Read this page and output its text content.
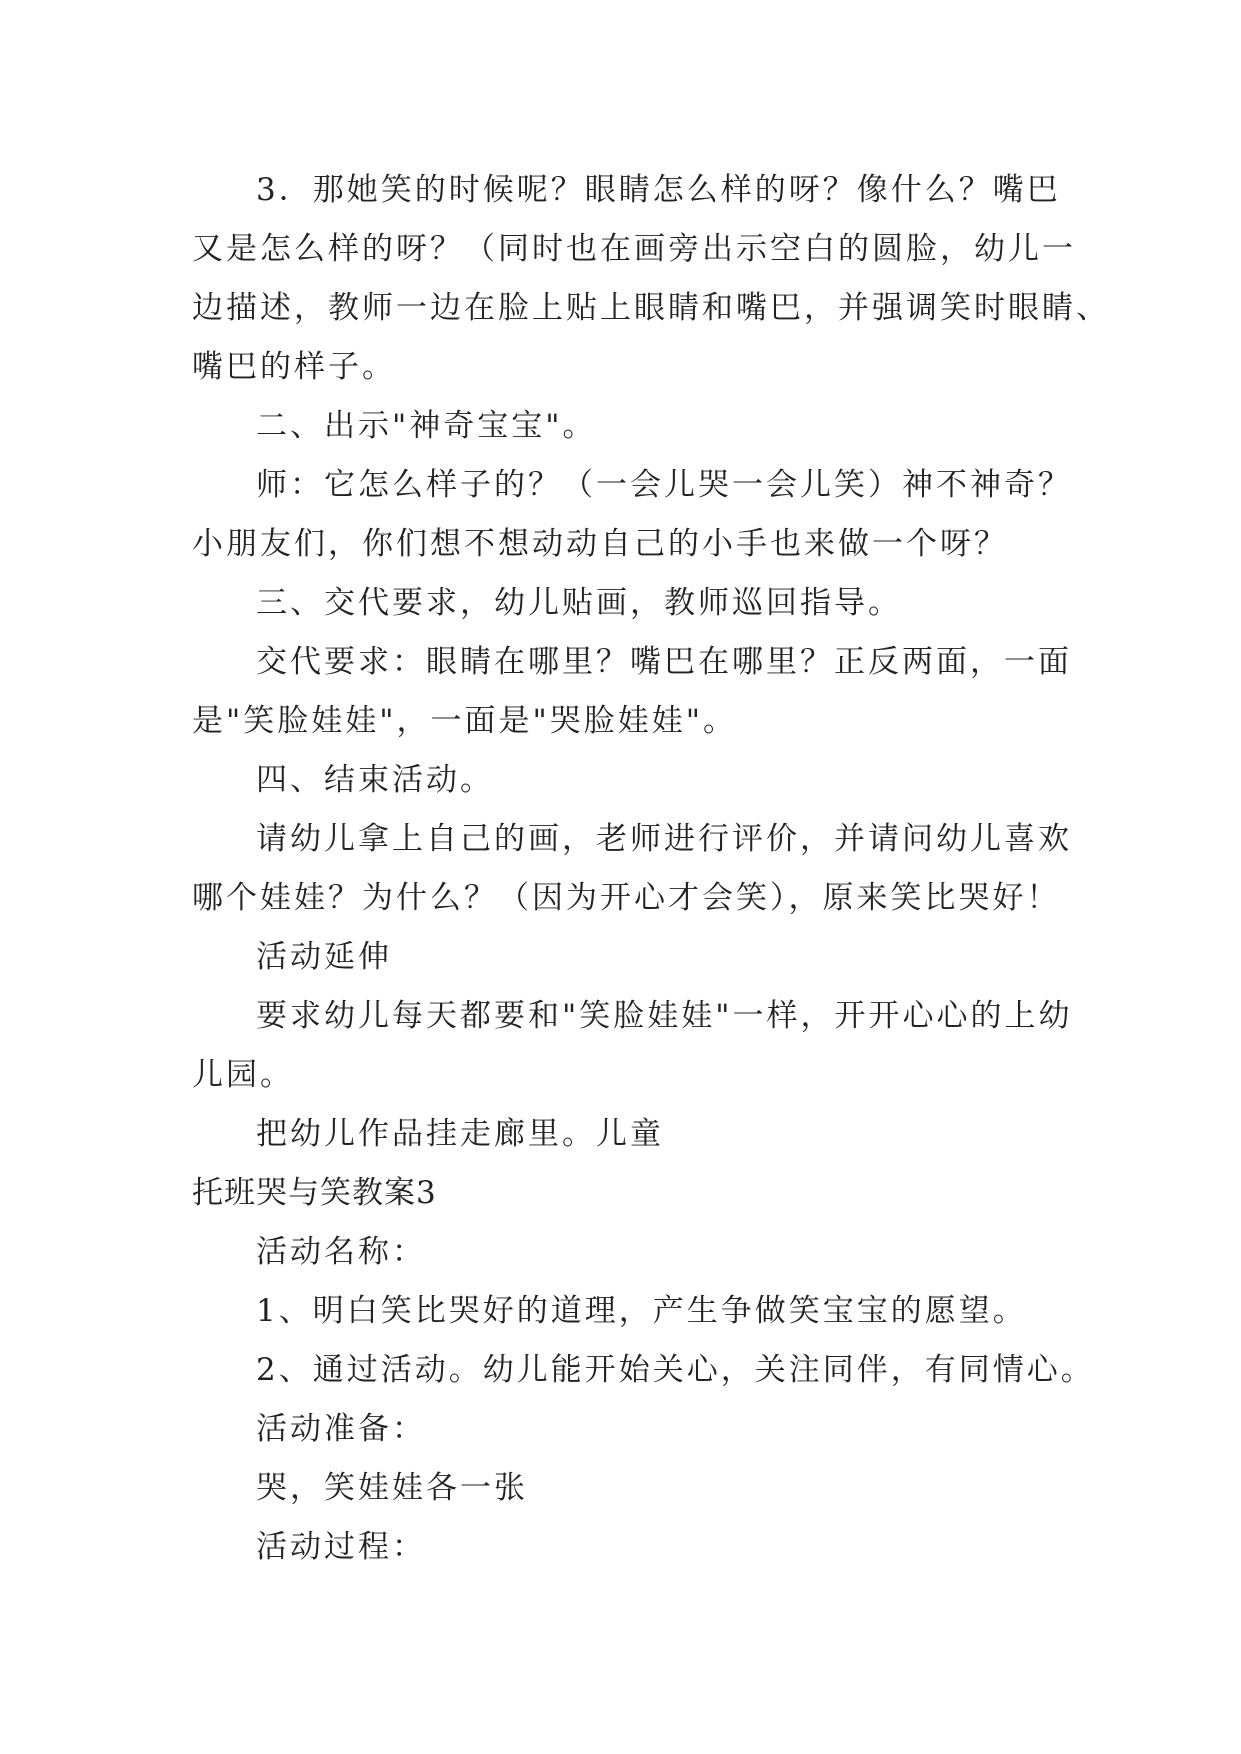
3．那她笑的时候呢？眼睛怎么样的呀？像什么？嘴巴

又是怎么样的呀？（同时也在画旁出示空白的圆脸，幼儿一

边描述，教师一边在脸上贴上眼睛和嘴巴，并强调笑时眼睛、

嘴巴的样子。

二、出示"神奇宝宝"。

师：它怎么样子的？（一会儿哭一会儿笑）神不神奇？

小朋友们，你们想不想动动自己的小手也来做一个呀？

三、交代要求，幼儿贴画，教师巡回指导。

交代要求：眼睛在哪里？嘴巴在哪里？正反两面，一面

是"笑脸娃娃"，一面是"哭脸娃娃"。

四、结束活动。

请幼儿拿上自己的画，老师进行评价，并请问幼儿喜欢

哪个娃娃？为什么？（因为开心才会笑），原来笑比哭好！

活动延伸

要求幼儿每天都要和"笑脸娃娃"一样，开开心心的上幼

儿园。

把幼儿作品挂走廊里。儿童

托班哭与笑教案3

活动名称：

1、明白笑比哭好的道理，产生争做笑宝宝的愿望。

2、通过活动。幼儿能开始关心，关注同伴，有同情心。

活动准备：

哭，笑娃娃各一张

活动过程：
